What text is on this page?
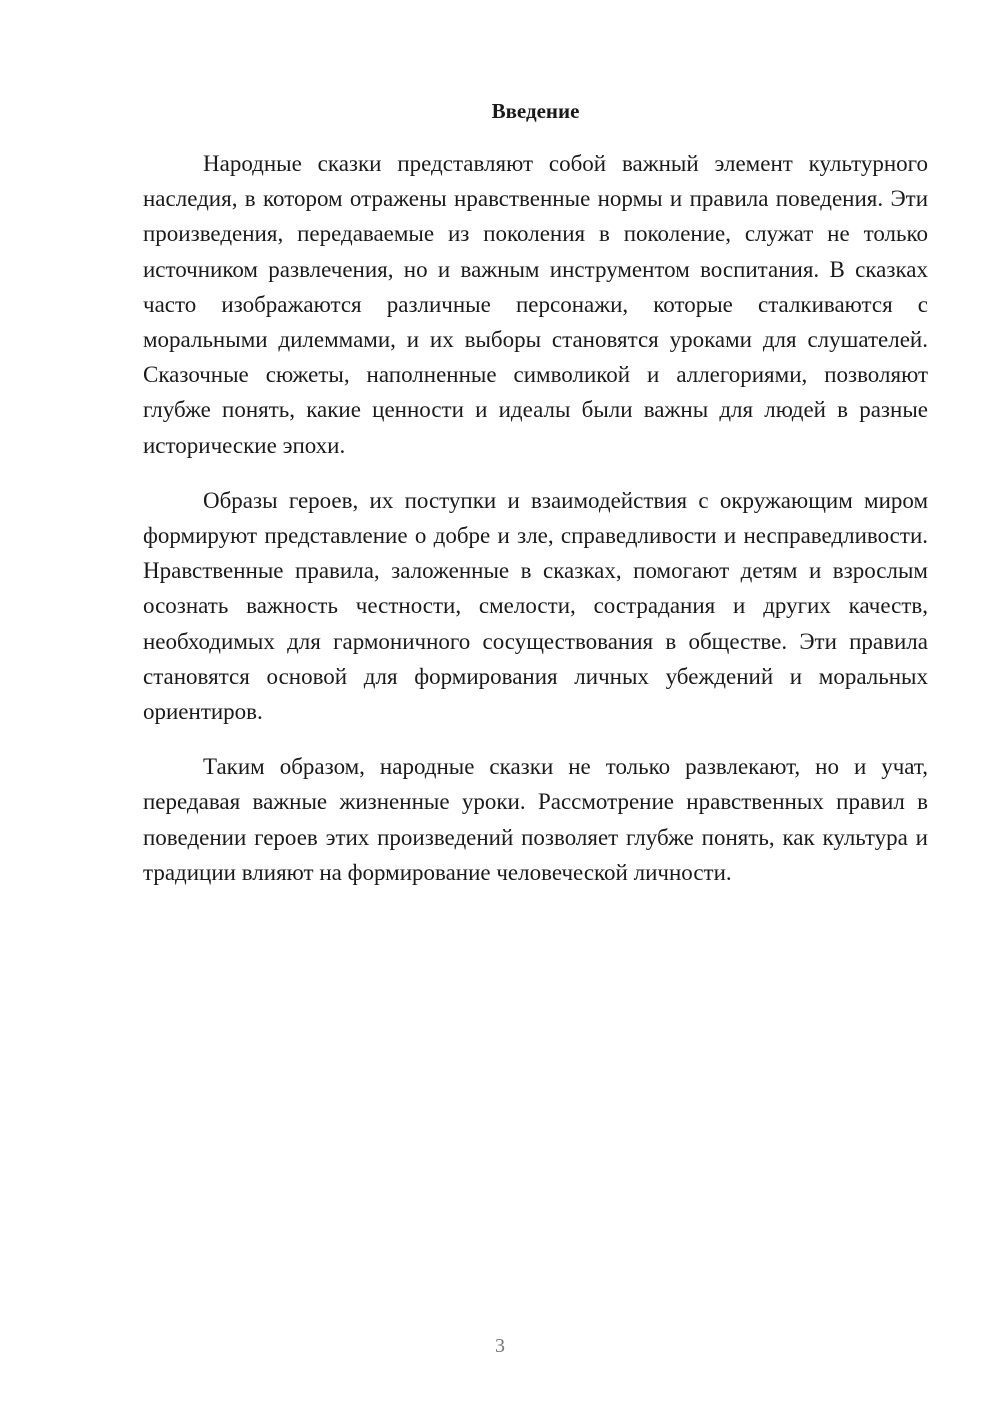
Введение

Народные сказки представляют собой важный элемент культурного наследия, в котором отражены нравственные нормы и правила поведения. Эти произведения, передаваемые из поколения в поколение, служат не только источником развлечения, но и важным инструментом воспитания. В сказках часто изображаются различные персонажи, которые сталкиваются с моральными дилеммами, и их выборы становятся уроками для слушателей. Сказочные сюжеты, наполненные символикой и аллегориями, позволяют глубже понять, какие ценности и идеалы были важны для людей в разные исторические эпохи.

Образы героев, их поступки и взаимодействия с окружающим миром формируют представление о добре и зле, справедливости и несправедливости. Нравственные правила, заложенные в сказках, помогают детям и взрослым осознать важность честности, смелости, сострадания и других качеств, необходимых для гармоничного сосуществования в обществе. Эти правила становятся основой для формирования личных убеждений и моральных ориентиров.

Таким образом, народные сказки не только развлекают, но и учат, передавая важные жизненные уроки. Рассмотрение нравственных правил в поведении героев этих произведений позволяет глубже понять, как культура и традиции влияют на формирование человеческой личности.

3
